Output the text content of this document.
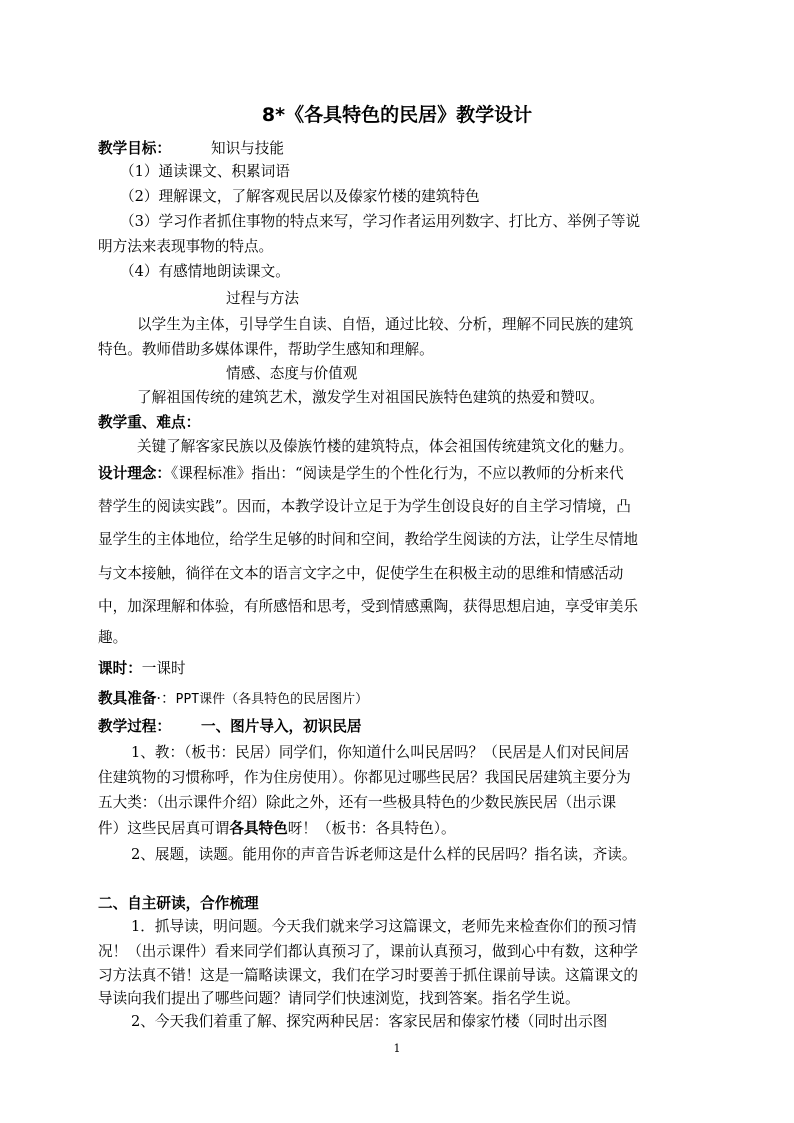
8*《各具特色的民居》教学设计
教学目标：	知识与技能
（1）通读课文、积累词语
（2）理解课文，了解客观民居以及傣家竹楼的建筑特色
（3）学习作者抓住事物的特点来写，学习作者运用列数字、打比方、举例子等说
明方法来表现事物的特点。
（4）有感情地朗读课文。
过程与方法
以学生为主体，引导学生自读、自悟，通过比较、分析，理解不同民族的建筑
特色。教师借助多媒体课件，帮助学生感知和理解。
情感、态度与价值观
了解祖国传统的建筑艺术，激发学生对祖国民族特色建筑的热爱和赞叹。
教学重、难点：
关键了解客家民族以及傣族竹楼的建筑特点，体会祖国传统建筑文化的魅力。
设计理念：《课程标准》指出：“阅读是学生的个性化行为，不应以教师的分析来代
替学生的阅读实践”。因而，本教学设计立足于为学生创设良好的自主学习情境，凸
显学生的主体地位，给学生足够的时间和空间，教给学生阅读的方法，让学生尽情地
与文本接触，徜徉在文本的语言文字之中，促使学生在积极主动的思维和情感活动
中，加深理解和体验，有所感悟和思考，受到情感熏陶，获得思想启迪，享受审美乐
趣。
课时：一课时
教具准备·：PPT课件（各具特色的民居图片）
教学过程： 一、图片导入，初识民居
1、教：（板书：民居）同学们，你知道什么叫民居吗？（民居是人们对民间居
住建筑物的习惯称呼，作为住房使用）。你都见过哪些民居？我国民居建筑主要分为
五大类：（出示课件介绍）除此之外，还有一些极具特色的少数民族民居（出示课
件）这些民居真可谓各具特色呀！（板书：各具特色）。
2、展题，读题。能用你的声音告诉老师这是什么样的民居吗？指名读，齐读。
二、自主研读，合作梳理
1．抓导读，明问题。今天我们就来学习这篇课文，老师先来检查你们的预习情
况！（出示课件）看来同学们都认真预习了，课前认真预习，做到心中有数，这种学
习方法真不错！这是一篇略读课文，我们在学习时要善于抓住课前导读。这篇课文的
导读向我们提出了哪些问题？请同学们快速浏览，找到答案。指名学生说。
2、今天我们着重了解、探究两种民居：客家民居和傣家竹楼（同时出示图
1
